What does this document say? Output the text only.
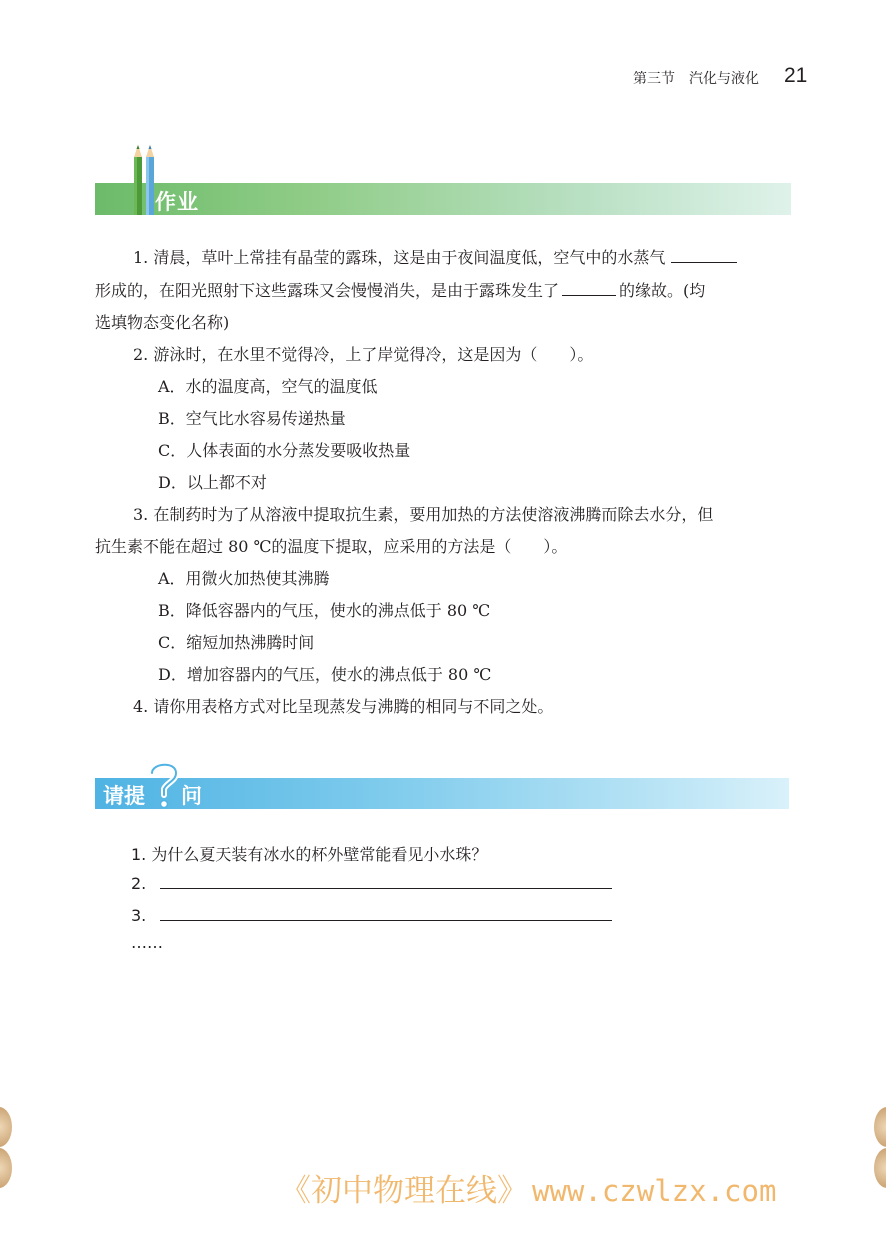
第三节　汽化与液化 21
作业
1. 清晨，草叶上常挂有晶莹的露珠，这是由于夜间温度低，空气中的水蒸气
形成的，在阳光照射下这些露珠又会慢慢消失，是由于露珠发生了	的缘故。(均
选填物态变化名称)
2. 游泳时，在水里不觉得冷，上了岸觉得冷，这是因为（　　）。
A．水的温度高，空气的温度低
B．空气比水容易传递热量
C．人体表面的水分蒸发要吸收热量
D．以上都不对
3. 在制药时为了从溶液中提取抗生素，要用加热的方法使溶液沸腾而除去水分，但
抗生素不能在超过 80 ℃的温度下提取，应采用的方法是（　　）。
A．用微火加热使其沸腾
B．降低容器内的气压，使水的沸点低于 80 ℃
C．缩短加热沸腾时间
D．增加容器内的气压，使水的沸点低于 80 ℃
4. 请你用表格方式对比呈现蒸发与沸腾的相同与不同之处。
请提 问
1. 为什么夏天装有冰水的杯外壁常能看见小水珠？
2.
3.
……
《初中物理在线》 www.czwlzx.com
